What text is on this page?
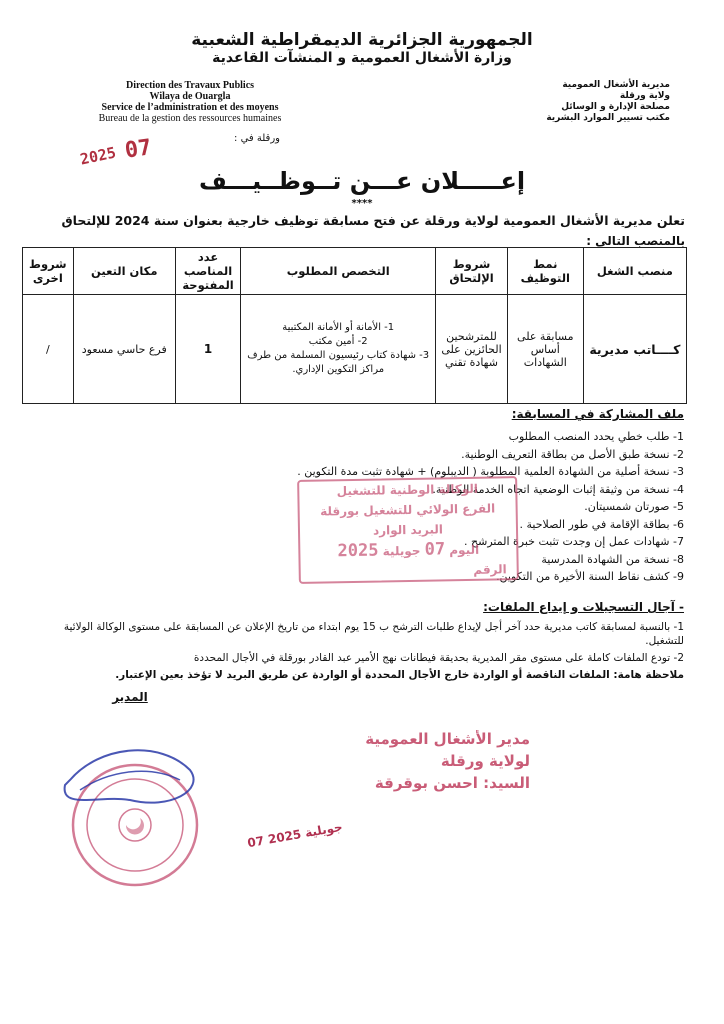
الجمهورية الجزائرية الديمقراطية الشعبية
وزارة الأشغال العمومية و المنشآت القاعدية
Direction des Travaux Publics
Wilaya de Ouargla
Service de l’administration et des moyens
Bureau de la gestion des ressources humaines
مديرية الأشغال العمومية
ولاية ورقلة
مصلحة الإدارة و الوسائل
مكتب تسيير الموارد البشرية
ورقلة في :
2025 07
إعـــــلان عـــن تــوظــيـــف
****
تعلن مديرية الأشغال العمومية لولاية ورقلة عن فتح مسابقة توظيف خارجية بعنوان سنة 2024 للإلتحاق
بالمنصب التالي :
منصب الشغل	نمط التوظيف	شروط الإلتحاق	التخصص المطلوب	عدد المناصب المفتوحة	مكان التعين	شروط اخرى
كــــاتب مديرية	مسابقة على أساس الشهادات	للمترشحين الحائزين على شهادة تقني	1- الأمانة أو الأمانة المكتبية
2- أمين مكتب
3- شهادة كتاب رئيسيون المسلمة من طرف مراكز التكوين الإداري.	1	فرع حاسي مسعود	/
ملف المشاركة في المسابقة:
1- طلب خطي يحدد المنصب المطلوب
2- نسخة طبق الأصل من بطاقة التعريف الوطنية.
3- نسخة أصلية من الشهادة العلمية المطلوبة ( الديبلوم) + شهادة تثبت مدة التكوين .
4- نسخة من وثيقة إثبات الوضعية اتجاه الخدمة الوطنية.
5- صورتان شمسيتان.
6- بطاقة الإقامة في طور الصلاحية .
7- شهادات عمل إن وجدت تثبت خبرة المترشح .
8- نسخة من الشهادة المدرسية
9- كشف نقاط السنة الأخيرة من التكوين.
الوكالة الوطنية للتشغيل
الفرع الولائي للتشغيل بورقلة
البريد الوارد
اليوم 07 جويلية 2025
الرقم
- آجال التسجيلات و إيداع الملفات:

1- بالنسبة لمسابقة كاتب مديرية حدد آخر أجل لإيداع طلبات الترشح ب 15 يوم ابتداء من تاريخ الإعلان عن المسابقة على مستوى الوكالة الولائية للتشغيل.

2- تودع الملفات كاملة على مستوى مقر المديرية بحديقة فيطانات نهج الأمير عبد القادر بورقلة في الأجال المحددة

ملاحظة هامة: الملفات الناقصة أو الواردة خارج الأجال المحددة أو الواردة عن طريق البريد لا تؤخذ بعين الإعتبار.

المدير
مدير الأشغال العمومية
لولاية ورقلة
السيد: احسن بوقرقة
07 جويلية 2025
